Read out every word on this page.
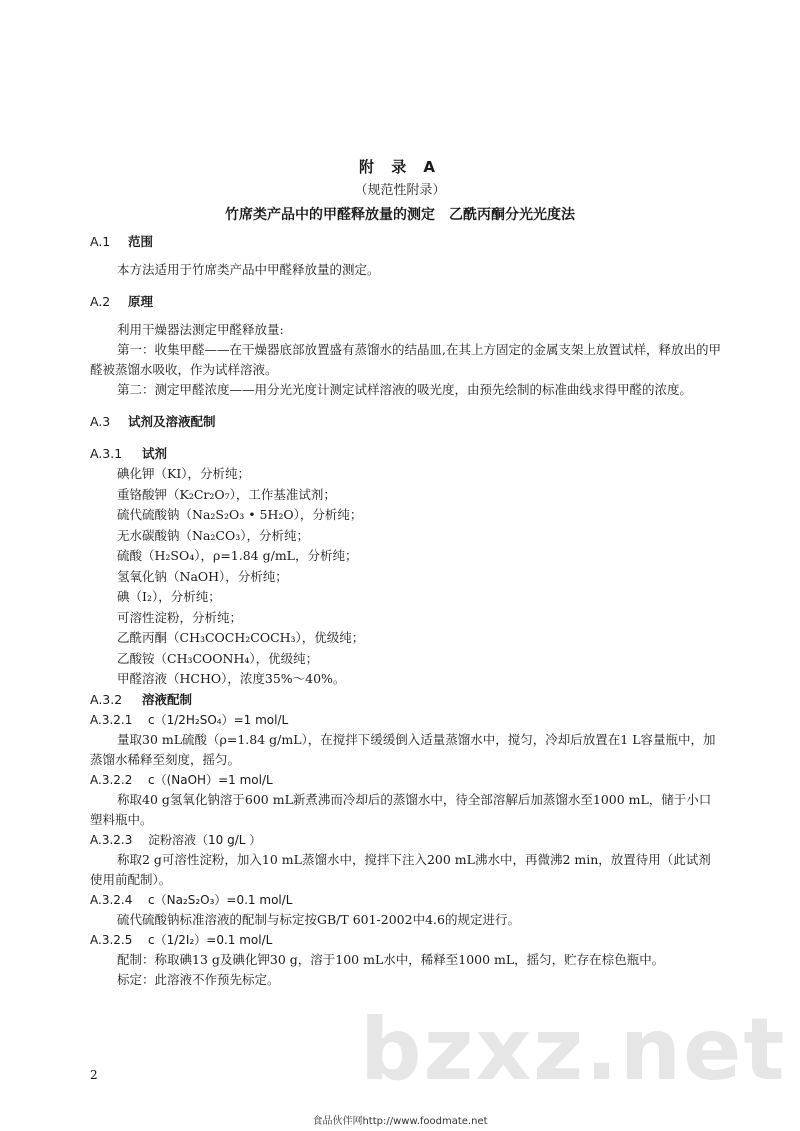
附 录 A
（规范性附录）
竹席类产品中的甲醛释放量的测定　乙酰丙酮分光光度法
A.1 范围
本方法适用于竹席类产品中甲醛释放量的测定。
A.2 原理
利用干燥器法测定甲醛释放量:
第一：收集甲醛——在干燥器底部放置盛有蒸馏水的结晶皿,在其上方固定的金属支架上放置试样，释放出的甲醛被蒸馏水吸收，作为试样溶液。
第二：测定甲醛浓度——用分光光度计测定试样溶液的吸光度，由预先绘制的标准曲线求得甲醛的浓度。
A.3 试剂及溶液配制
A.3.1 试剂
碘化钾（KI），分析纯；
重铬酸钾（K₂Cr₂O₇），工作基准试剂；
硫代硫酸钠（Na₂S₂O₃ • 5H₂O），分析纯；
无水碳酸钠（Na₂CO₃），分析纯；
硫酸（H₂SO₄），ρ=1.84 g/mL，分析纯；
氢氧化钠（NaOH），分析纯；
碘（I₂），分析纯；
可溶性淀粉，分析纯；
乙酰丙酮（CH₃COCH₂COCH₃），优级纯；
乙酸铵（CH₃COONH₄），优级纯；
甲醛溶液（HCHO），浓度35%～40%。
A.3.2 溶液配制
A.3.2.1 c（1/2H₂SO₄）=1 mol/L
量取30 mL硫酸（ρ=1.84 g/mL），在搅拌下缓缓倒入适量蒸馏水中，搅匀，冷却后放置在1 L容量瓶中，加蒸馏水稀释至刻度，摇匀。
A.3.2.2 c（(NaOH）=1 mol/L
称取40 g氢氧化钠溶于600 mL新煮沸而冷却后的蒸馏水中，待全部溶解后加蒸馏水至1000 mL，储于小口塑料瓶中。
A.3.2.3 淀粉溶液（10 g/L ）
称取2 g可溶性淀粉，加入10 mL蒸馏水中，搅拌下注入200 mL沸水中，再微沸2 min，放置待用（此试剂使用前配制）。
A.3.2.4 c（Na₂S₂O₃）=0.1 mol/L
硫代硫酸钠标准溶液的配制与标定按GB/T 601-2002中4.6的规定进行。
A.3.2.5 c（1/2I₂）=0.1 mol/L
配制：称取碘13 g及碘化钾30 g，溶于100 mL水中，稀释至1000 mL，摇匀，贮存在棕色瓶中。
标定：此溶液不作预先标定。
bzxz.net
2
食品伙伴网http://www.foodmate.net
